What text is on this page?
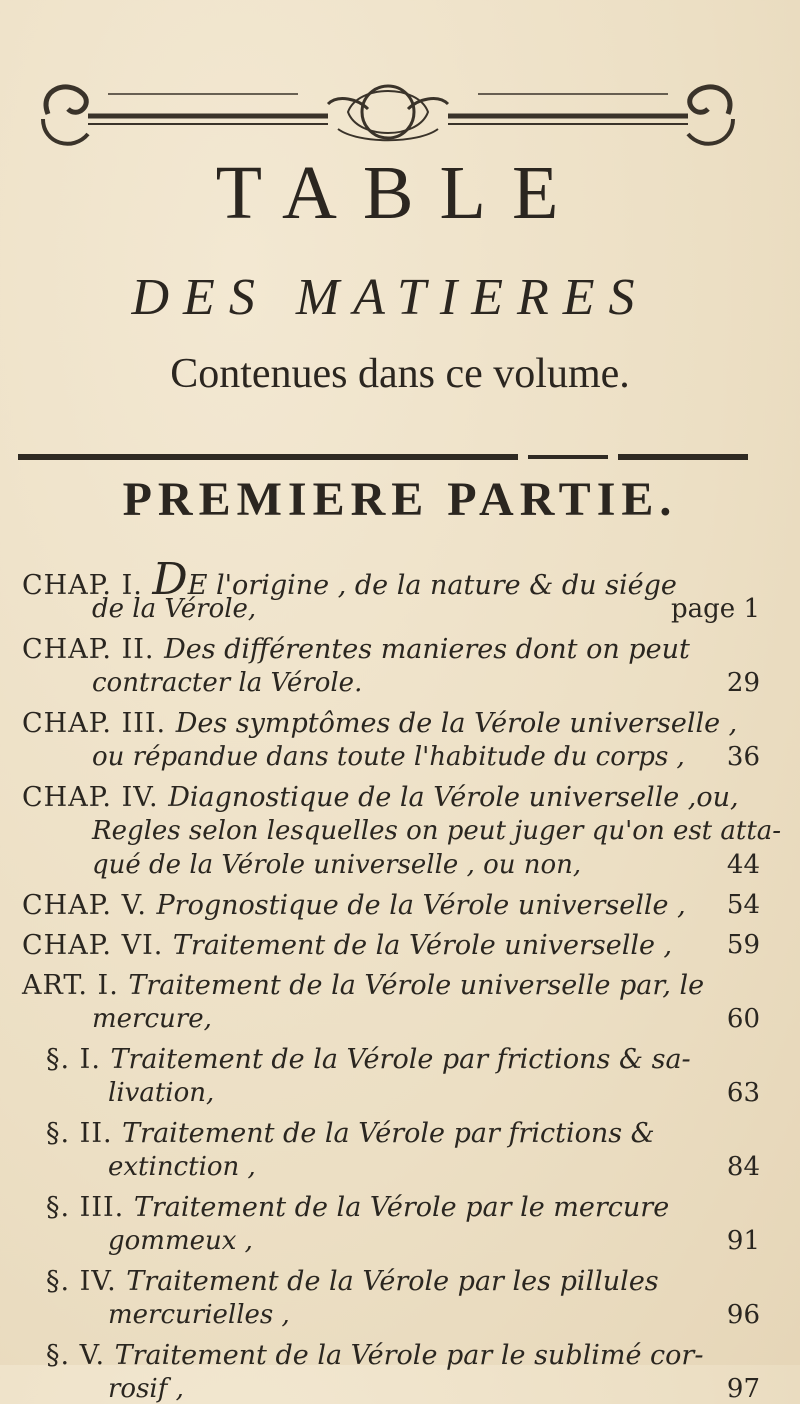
TABLE
DES MATIERES
Contenues dans ce volume.
PREMIERE PARTIE.
CHAP. I. DE l'origine , de la nature & du siége
de la Vérole,	page 1
CHAP. II. Des différentes manieres dont on peut
contracter la Vérole.	29
CHAP. III. Des symptômes de la Vérole universelle ,
ou répandue dans toute l'habitude du corps , 36
CHAP. IV. Diagnostique de la Vérole universelle ,ou,
Regles selon lesquelles on peut juger qu'on est atta-
qué de la Vérole universelle , ou non,	44
CHAP. V. Prognostique de la Vérole universelle , 54
CHAP. VI. Traitement de la Vérole universelle , 59
ART. I. Traitement de la Vérole universelle par, le
mercure,	60
§. I. Traitement de la Vérole par frictions & sa-
livation,	63
§. II. Traitement de la Vérole par frictions &
extinction ,	84
§. III. Traitement de la Vérole par le mercure
gommeux ,	91
§. IV. Traitement de la Vérole par les pillules
mercurielles ,	96
§. V. Traitement de la Vérole par le sublimé cor-
rosif ,	97
